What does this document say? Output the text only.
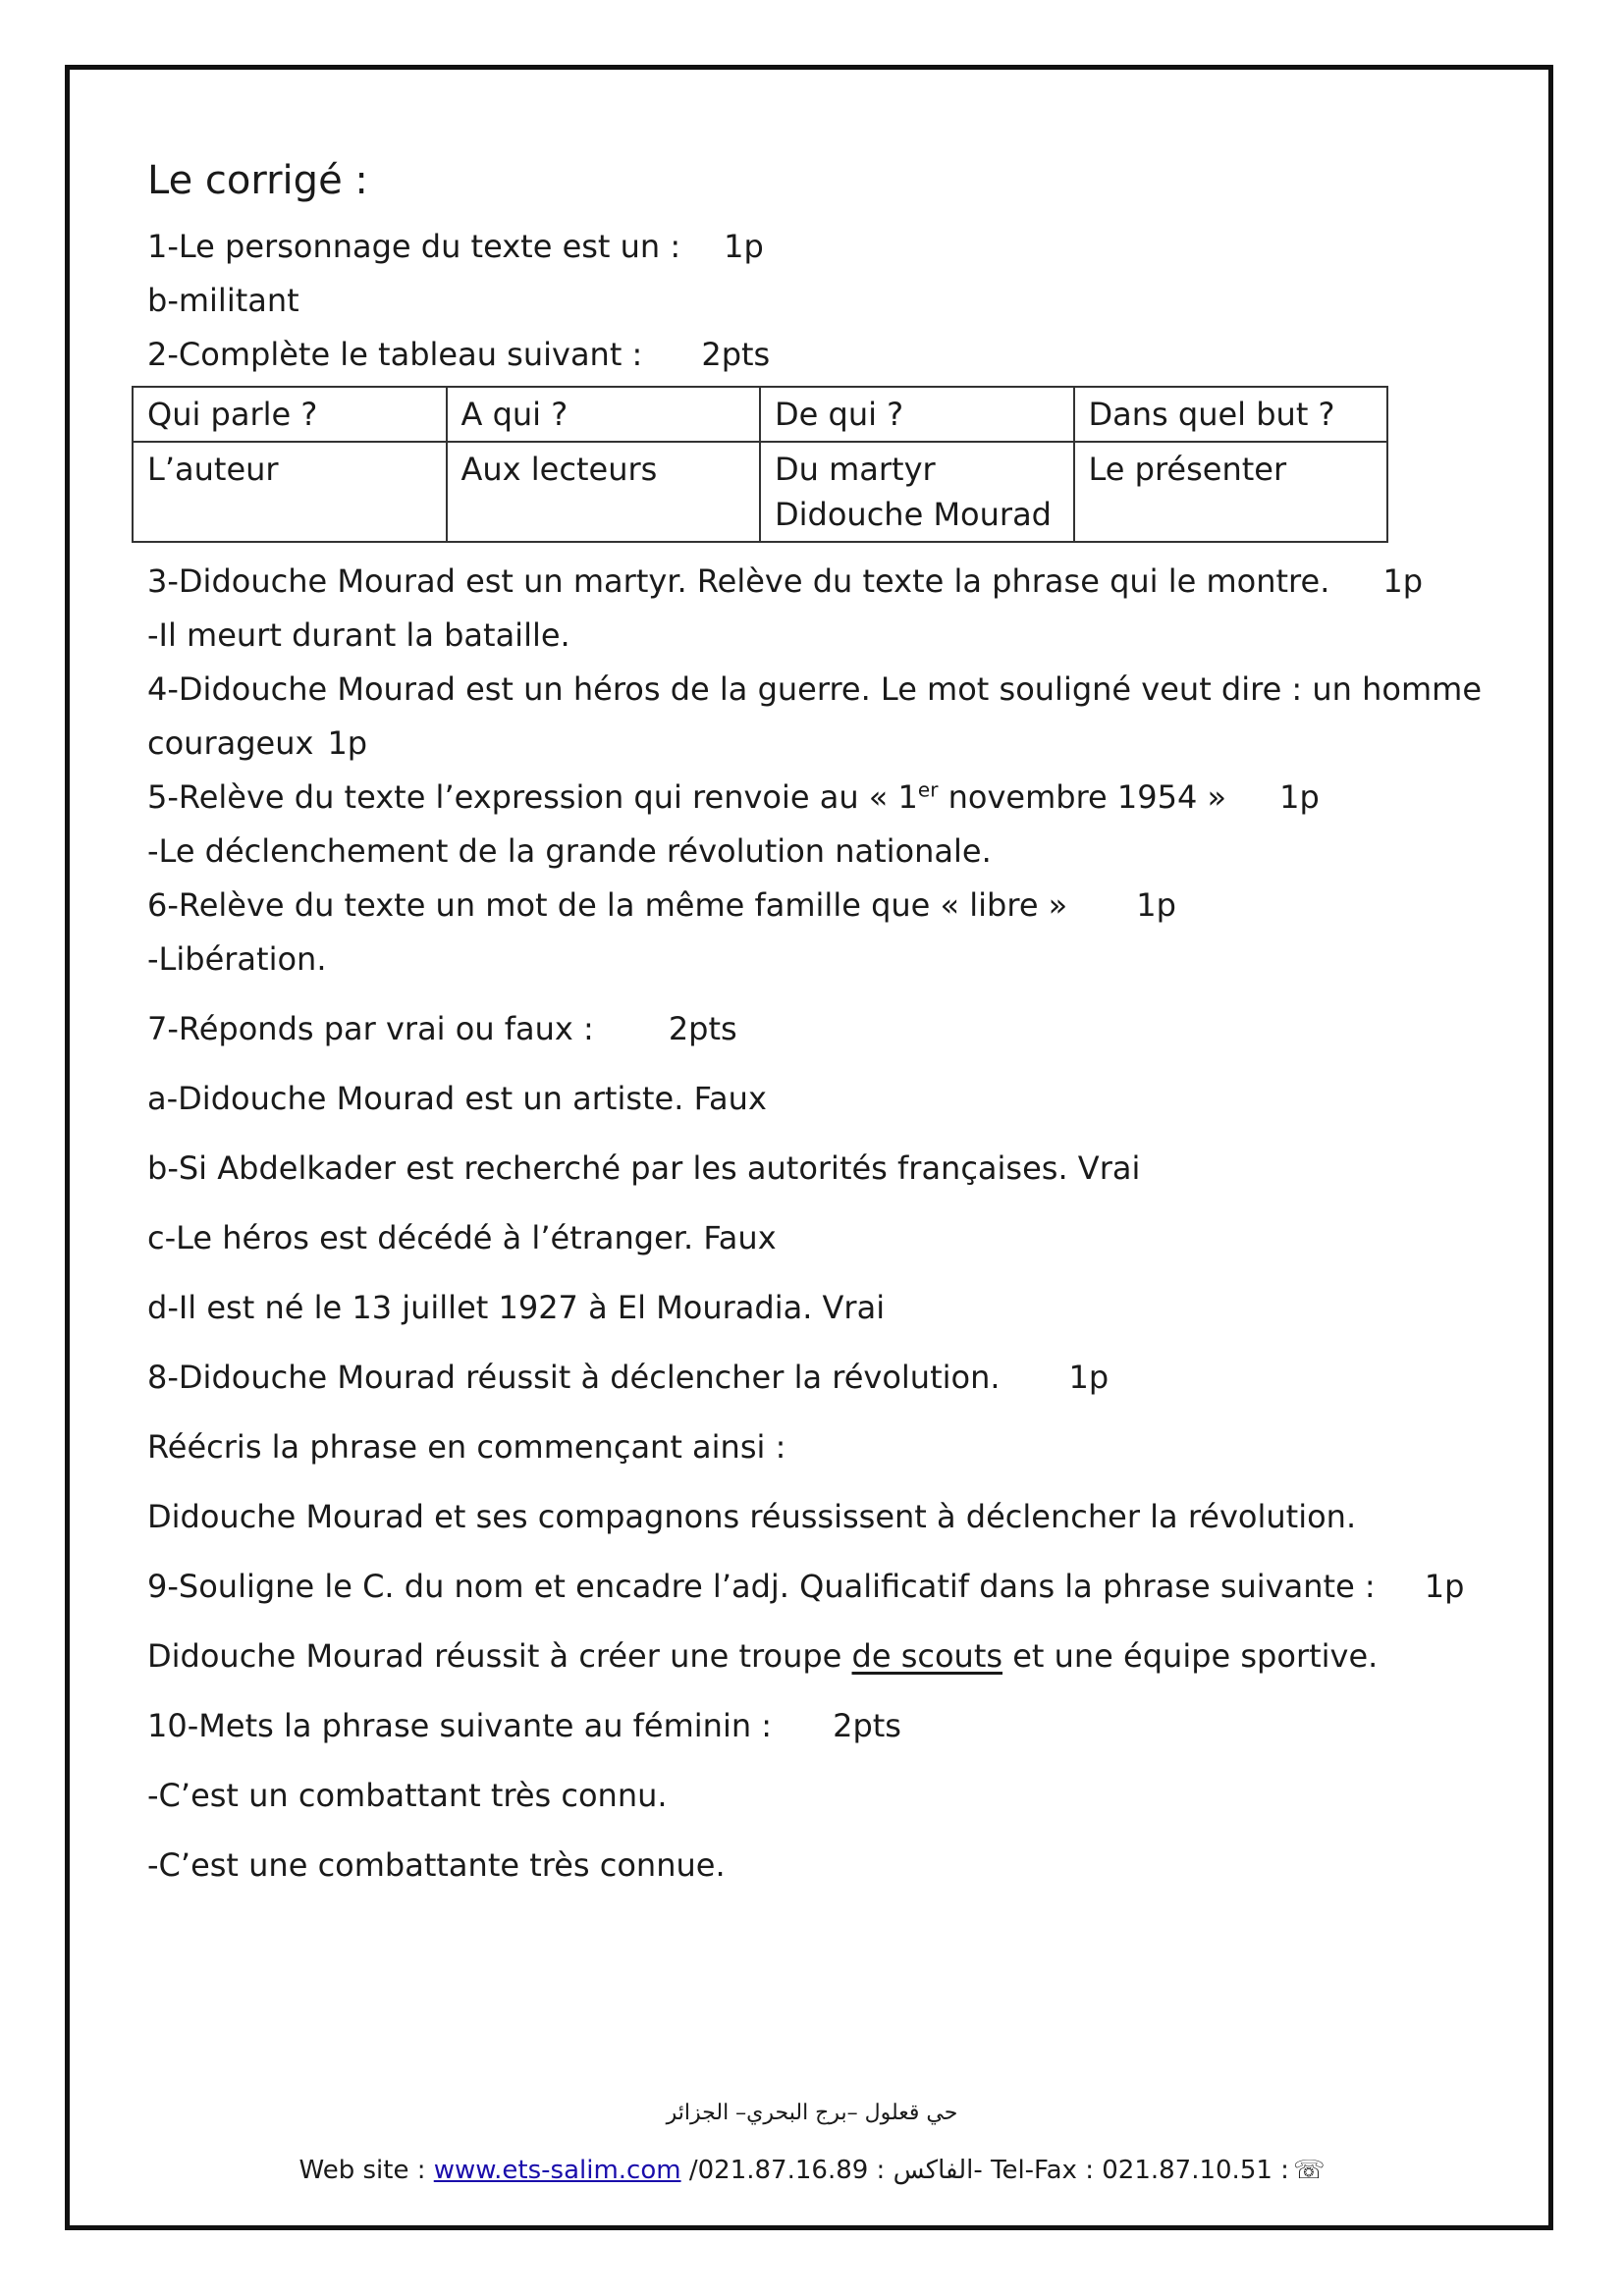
Le corrigé :

1-Le personnage du texte est un : 1p

b-militant

2-Complète le tableau suivant : 2pts

Qui parle ?	A qui ?	De qui ?	Dans quel but ?
L’auteur	Aux lecteurs	Du martyr Didouche Mourad	Le présenter

3-Didouche Mourad est un martyr. Relève du texte la phrase qui le montre. 1p

-Il meurt durant la bataille.

4-Didouche Mourad est un héros de la guerre. Le mot souligné veut dire : un homme courageux 1p

5-Relève du texte l’expression qui renvoie au « 1er novembre 1954 » 1p

-Le déclenchement de la grande révolution nationale.

6-Relève du texte un mot de la même famille que « libre » 1p

-Libération.

7-Réponds par vrai ou faux : 2pts

a-Didouche Mourad est un artiste. Faux

b-Si Abdelkader est recherché par les autorités françaises. Vrai

c-Le héros est décédé à l’étranger. Faux

d-Il est né le 13 juillet 1927 à El Mouradia. Vrai

8-Didouche Mourad réussit à déclencher la révolution. 1p

Réécris la phrase en commençant ainsi :

Didouche Mourad et ses compagnons réussissent à déclencher la révolution.

9-Souligne le C. du nom et encadre l’adj. Qualificatif dans la phrase suivante : 1p

Didouche Mourad réussit à créer une troupe de scouts et une équipe sportive.

10-Mets la phrase suivante au féminin : 2pts

-C’est un combattant très connu.

-C’est une combattante très connue.

حي قعلول –برج البحري– الجزائر
Web site : www.ets-salim.com /021.87.16.89 : الفاكس- Tel-Fax : 021.87.10.51 : ☏
